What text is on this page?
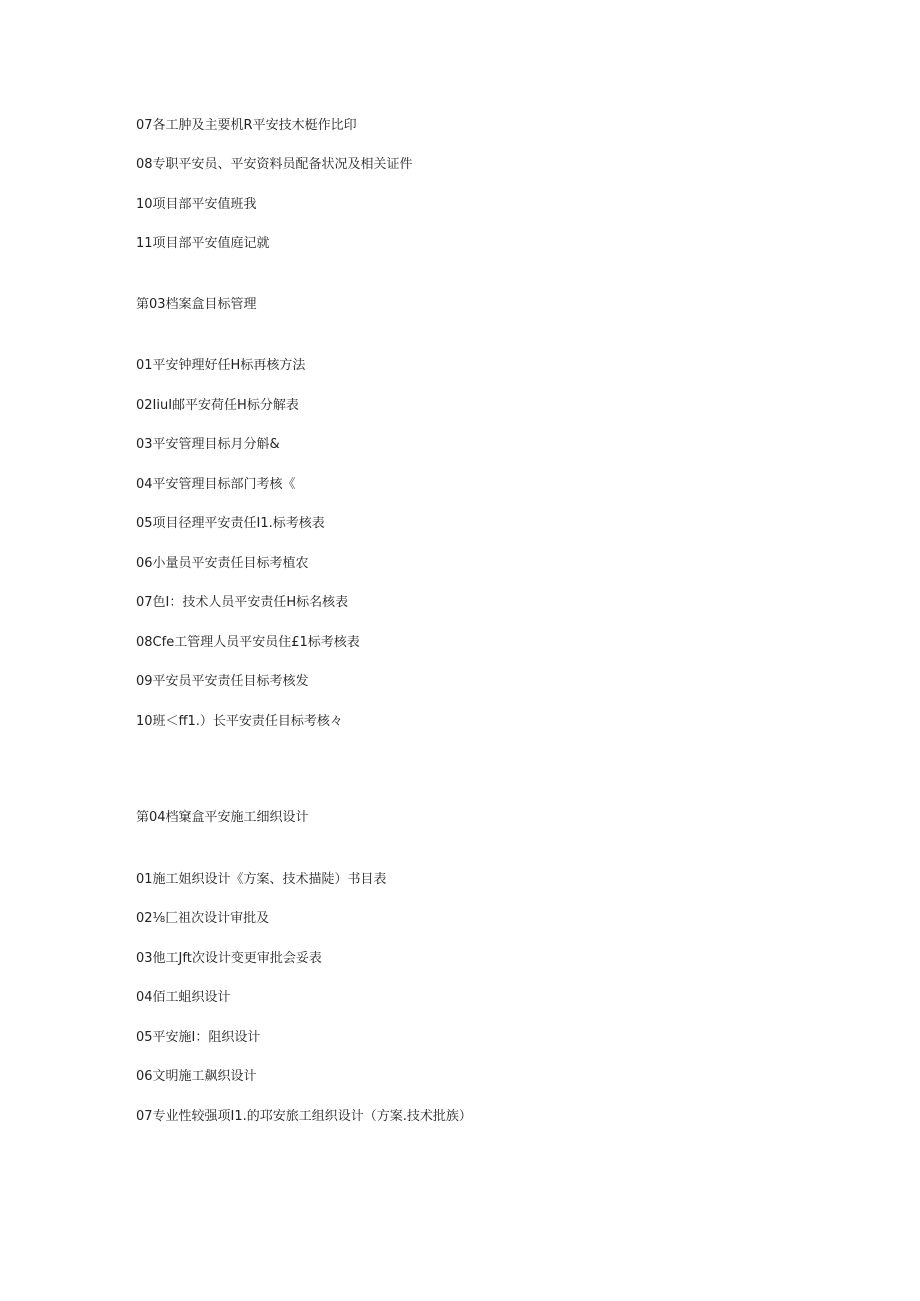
07各工肿及主要机R平安技木梃作比印
08专职平安员、平安资料员配备状况及相关证件
10项目部平安值班我
11项目部平安值庭记就
第03档案盒目标管理
01平安钟理好任H标再核方法
02IiuI邮平安荷任H标分解表
03平安管理目标月分斛&
04平安管理目标部门考核《
05项目径理平安责任I1.标考核表
06小量员平安责任目标考植农
07色I：技术人员平安责任H标名核表
08Cfe工管理人员平安员住£1标考核表
09平安员平安责任目标考核发
10班＜ff1.）长平安责任目标考核々
第04档窠盒平安施工细织设计
01施工姐织设计《方案、技术描陡）书目表
02⅛匚祖次设计审批及
03他工Jft次设计变更审批会妥表
04佰工蛆织设计
05平安施I：阻织设计
06文明施工飙织设计
07专业性较强项I1.的邛安旅工组织设计（方案.技术批族）
